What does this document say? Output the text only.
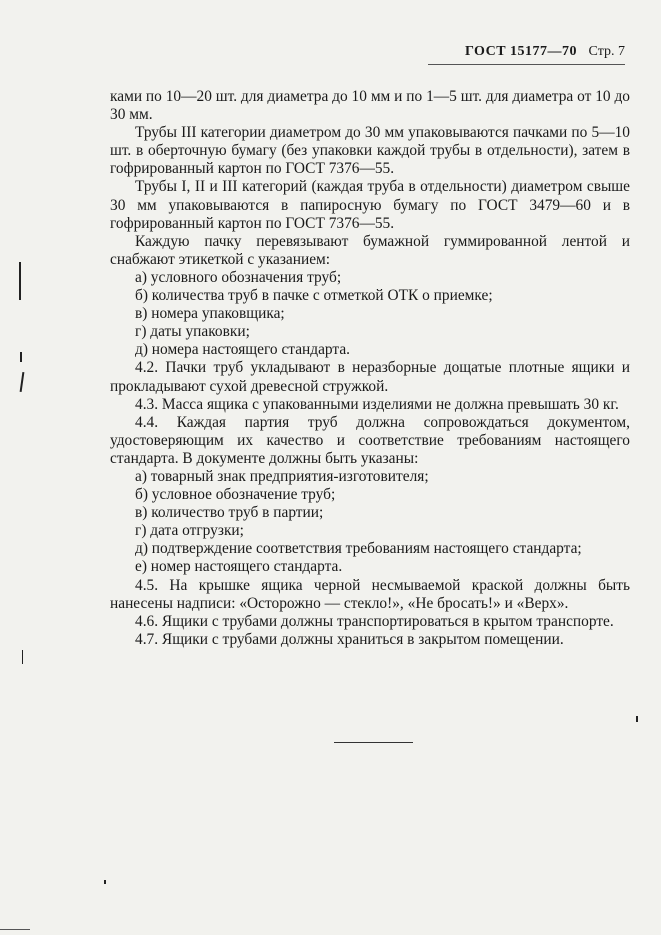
ГОСТ 15177—70 Стр. 7

ками по 10—20 шт. для диаметра до 10 мм и по 1—5 шт. для диаметра от 10 до 30 мм.

Трубы III категории диаметром до 30 мм упаковываются пачками по 5—10 шт. в оберточную бумагу (без упаковки каждой трубы в отдельности), затем в гофрированный картон по ГОСТ 7376—55.

Трубы I, II и III категорий (каждая труба в отдельности) диаметром свыше 30 мм упаковываются в папиросную бумагу по ГОСТ 3479—60 и в гофрированный картон по ГОСТ 7376—55.

Каждую пачку перевязывают бумажной гуммированной лентой и снабжают этикеткой с указанием:

а) условного обозначения труб;

б) количества труб в пачке с отметкой ОТК о приемке;

в) номера упаковщика;

г) даты упаковки;

д) номера настоящего стандарта.

4.2. Пачки труб укладывают в неразборные дощатые плотные ящики и прокладывают сухой древесной стружкой.

4.3. Масса ящика с упакованными изделиями не должна превышать 30 кг.

4.4. Каждая партия труб должна сопровождаться документом, удостоверяющим их качество и соответствие требованиям настоящего стандарта. В документе должны быть указаны:

а) товарный знак предприятия-изготовителя;

б) условное обозначение труб;

в) количество труб в партии;

г) дата отгрузки;

д) подтверждение соответствия требованиям настоящего стандарта;

е) номер настоящего стандарта.

4.5. На крышке ящика черной несмываемой краской должны быть нанесены надписи: «Осторожно — стекло!», «Не бросать!» и «Верх».

4.6. Ящики с трубами должны транспортироваться в крытом транспорте.

4.7. Ящики с трубами должны храниться в закрытом помещении.
